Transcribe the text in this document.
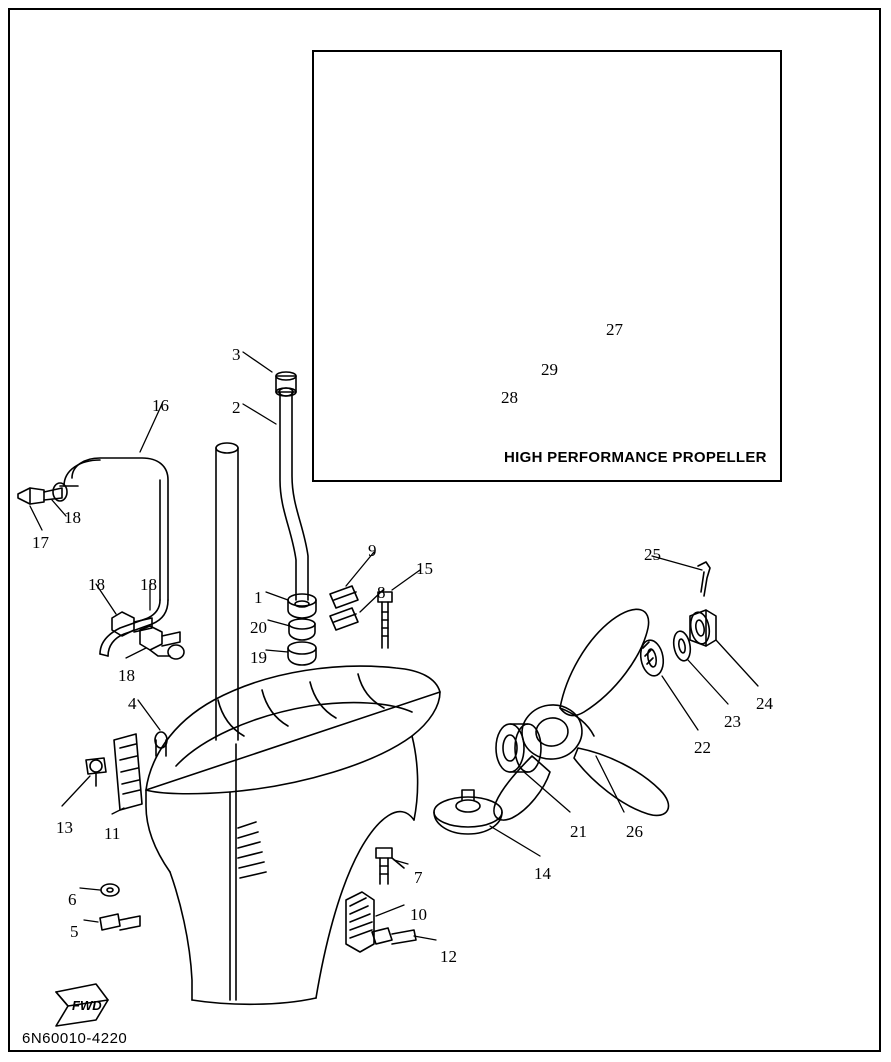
HIGH PERFORMANCE PROPELLER
FWD
6N60010-4220
3
2
16
18
17
18 18
18
1
20
19
9
8
15
4
13 11
6
5
7
10
12
14
21 26
22
23
24
25
27
29
28
